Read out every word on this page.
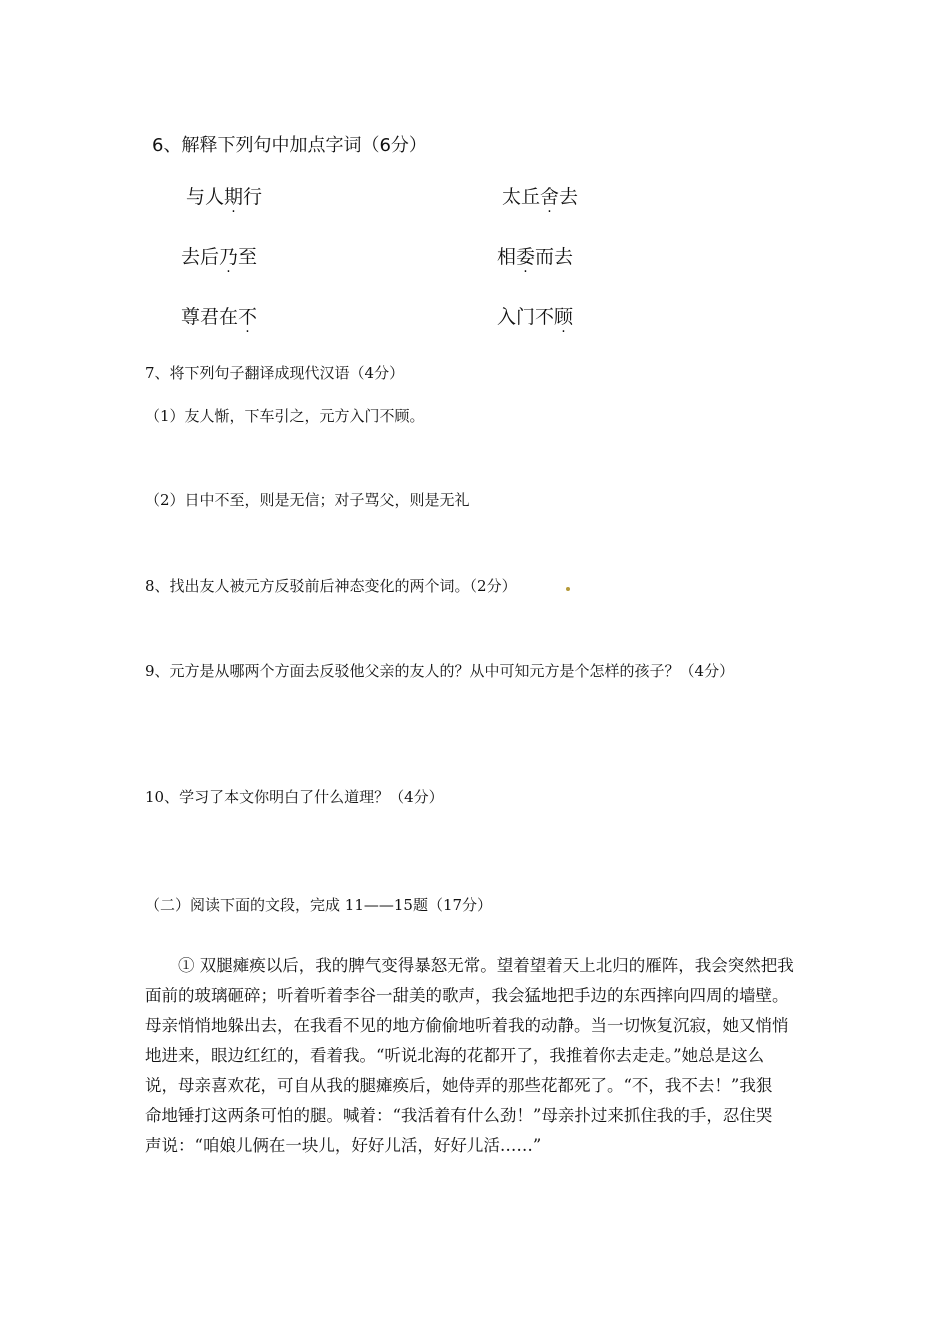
6、解释下列句中加点字词（6分）
与人期行	太丘舍去
去后乃至	相委而去
尊君在不	入门不顾
7、将下列句子翻译成现代汉语（4分）
（1）友人惭，下车引之，元方入门不顾。
（2）日中不至，则是无信；对子骂父，则是无礼
8、找出友人被元方反驳前后神态变化的两个词。（2分）
9、元方是从哪两个方面去反驳他父亲的友人的？从中可知元方是个怎样的孩子？（4分）
10、学习了本文你明白了什么道理？（4分）
（二）阅读下面的文段，完成 11——15题（17分）
　　① 双腿瘫痪以后，我的脾气变得暴怒无常。望着望着天上北归的雁阵，我会突然把我
面前的玻璃砸碎；听着听着李谷一甜美的歌声，我会猛地把手边的东西摔向四周的墙壁。
母亲悄悄地躲出去，在我看不见的地方偷偷地听着我的动静。当一切恢复沉寂，她又悄悄
地进来，眼边红红的，看着我。“听说北海的花都开了，我推着你去走走。”她总是这么
说，母亲喜欢花，可自从我的腿瘫痪后，她侍弄的那些花都死了。“不，我不去！”我狠
命地锤打这两条可怕的腿。喊着：“我活着有什么劲！”母亲扑过来抓住我的手，忍住哭
声说：“咱娘儿俩在一块儿，好好儿活，好好儿活……”
